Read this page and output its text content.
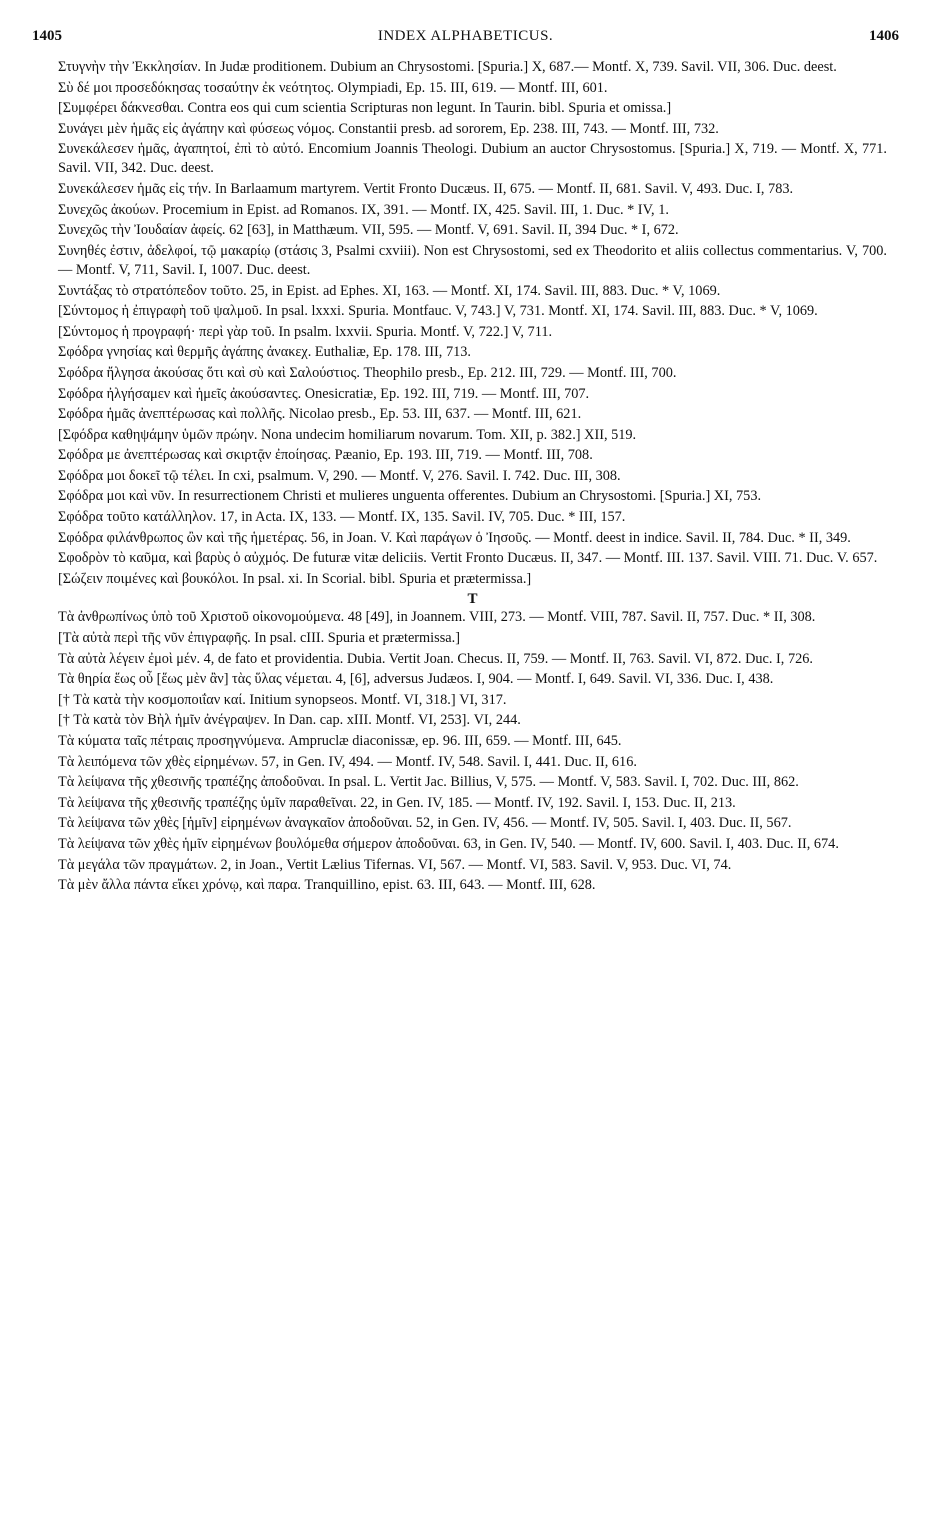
1405	INDEX ALPHABETICUS.	1406

Στυγνὴν τὴν Ἐκκλησίαν. In Judæ proditionem. Dubium an Chrysostomi. [Spuria.] X, 687.— Montf. X, 739. Savil. VII, 306. Duc. deest.

Σὺ δέ μοι προσεδόκησας τοσαύτην ἐκ νεότητος. Olympiadi, Ep. 15. III, 619. — Montf. III, 601.

[Συμφέρει δάκνεσθαι. Contra eos qui cum scientia Scripturas non legunt. In Taurin. bibl. Spuria et omissa.]

Συνάγει μὲν ἡμᾶς εἰς ἀγάπην καὶ φύσεως νόμος. Constantii presb. ad sororem, Ep. 238. III, 743. — Montf. III, 732.

Συνεκάλεσεν ἡμᾶς, ἀγαπητοί, ἐπὶ τὸ αὐτό. Encomium Joannis Theologi. Dubium an auctor Chrysostomus. [Spuria.] X, 719. — Montf. X, 771. Savil. VII, 342. Duc. deest.

Συνεκάλεσεν ἡμᾶς εἰς τήν. In Barlaamum martyrem. Vertit Fronto Ducæus. II, 675. — Montf. II, 681. Savil. V, 493. Duc. I, 783.

Συνεχῶς ἀκούων. Procemium in Epist. ad Romanos. IX, 391. — Montf. IX, 425. Savil. III, 1. Duc. * IV, 1.

Συνεχῶς τὴν Ἰουδαίαν ἀφείς. 62 [63], in Matthæum. VII, 595. — Montf. V, 691. Savil. II, 394 Duc. * I, 672.

Συνηθές ἐστιν, ἀδελφοί, τῷ μακαρίῳ (στάσις 3, Psalmi cxviii). Non est Chrysostomi, sed ex Theodorito et aliis collectus commentarius. V, 700. — Montf. V, 711, Savil. I, 1007. Duc. deest.

Συντάξας τὸ στρατόπεδον τοῦτο. 25, in Epist. ad Ephes. XI, 163. — Montf. XI, 174. Savil. III, 883. Duc. * V, 1069.

[Σύντομος ἡ ἐπιγραφὴ τοῦ ψαλμοῦ. In psal. lxxxi. Spuria. Montfauc. V, 743.] V, 731. Montf. XI, 174. Savil. III, 883. Duc. * V, 1069.

[Σύντομος ἡ προγραφή· περὶ γὰρ τοῦ. In psalm. lxxvii. Spuria. Montf. V, 722.] V, 711.

Σφόδρα γνησίας καὶ θερμῆς ἀγάπης ἀνακεχ. Euthaliæ, Ep. 178. III, 713.

Σφόδρα ἤλγησα ἀκούσας ὅτι καὶ σὺ καὶ Σαλούστιος. Theophilo presb., Ep. 212. III, 729. — Montf. III, 700.

Σφόδρα ἠλγήσαμεν καὶ ἡμεῖς ἀκούσαντες. Onesicratiæ, Ep. 192. III, 719. — Montf. III, 707.

Σφόδρα ἡμᾶς ἀνεπτέρωσας καὶ πολλῆς. Nicolao presb., Ep. 53. III, 637. — Montf. III, 621.

[Σφόδρα καθηψάμην ὑμῶν πρώην. Nona undecim homiliarum novarum. Tom. XII, p. 382.] XII, 519.

Σφόδρα με ἀνεπτέρωσας καὶ σκιρτᾷν ἐποίησας. Pæanio, Ep. 193. III, 719. — Montf. III, 708.

Σφόδρα μοι δοκεῖ τῷ τέλει. In cxi, psalmum. V, 290. — Montf. V, 276. Savil. I. 742. Duc. III, 308.

Σφόδρα μοι καὶ νῦν. In resurrectionem Christi et mulieres unguenta offerentes. Dubium an Chrysostomi. [Spuria.] XI, 753.

Σφόδρα τοῦτο κατάλληλον. 17, in Acta. IX, 133. — Montf. IX, 135. Savil. IV, 705. Duc. * III, 157.

Σφόδρα φιλάνθρωπος ὢν καὶ τῆς ἡμετέρας. 56, in Joan. V. Καὶ παράγων ὁ Ἰησοῦς. — Montf. deest in indice. Savil. II, 784. Duc. * II, 349.

Σφοδρὸν τὸ καῦμα, καὶ βαρὺς ὁ αὐχμός. De futuræ vitæ deliciis. Vertit Fronto Ducæus. II, 347. — Montf. III. 137. Savil. VIII. 71. Duc. V. 657.

[Σώζειν ποιμένες καὶ βουκόλοι. In psal. xi. In Scorial. bibl. Spuria et prætermissa.]

T

Τὰ ἀνθρωπίνως ὑπὸ τοῦ Χριστοῦ οἰκονομούμενα. 48 [49], in Joannem. VIII, 273. — Montf. VIII, 787. Savil. II, 757. Duc. * II, 308.

[Τὰ αὐτὰ περὶ τῆς νῦν ἐπιγραφῆς. In psal. cIII. Spuria et prætermissa.]

Τὰ αὐτὰ λέγειν ἐμοὶ μέν. 4, de fato et providentia. Dubia. Vertit Joan. Checus. II, 759. — Montf. II, 763. Savil. VI, 872. Duc. I, 726.

Τὰ θηρία ἕως οὗ [ἕως μὲν ἂν] τὰς ὕλας νέμεται. 4, [6], adversus Judæos. I, 904. — Montf. I, 649. Savil. VI, 336. Duc. I, 438.

[† Τὰ κατὰ τὴν κοσμοποιΐαν καί. Initium synopseos. Montf. VI, 318.] VI, 317.

[† Τὰ κατὰ τὸν Βὴλ ἡμῖν ἀνέγραψεν. In Dan. cap. xIII. Montf. VI, 253]. VI, 244.

Τὰ κύματα ταῖς πέτραις προσηγνύμενα. Ampruclæ diaconissæ, ep. 96. III, 659. — Montf. III, 645.

Τὰ λειπόμενα τῶν χθὲς εἰρημένων. 57, in Gen. IV, 494. — Montf. IV, 548. Savil. I, 441. Duc. II, 616.

Τὰ λείψανα τῆς χθεσινῆς τραπέζης ἀποδοῦναι. In psal. L. Vertit Jac. Billius, V, 575. — Montf. V, 583. Savil. I, 702. Duc. III, 862.

Τὰ λείψανα τῆς χθεσινῆς τραπέζης ὑμῖν παραθεῖναι. 22, in Gen. IV, 185. — Montf. IV, 192. Savil. I, 153. Duc. II, 213.

Τὰ λείψανα τῶν χθὲς [ἡμῖν] εἰρημένων ἀναγκαῖον ἀποδοῦναι. 52, in Gen. IV, 456. — Montf. IV, 505. Savil. I, 403. Duc. II, 567.

Τὰ λείψανα τῶν χθὲς ἡμῖν εἰρημένων βουλόμεθα σήμερον ἀποδοῦναι. 63, in Gen. IV, 540. — Montf. IV, 600. Savil. I, 403. Duc. II, 674.

Τὰ μεγάλα τῶν πραγμάτων. 2, in Joan., Vertit Lælius Tifernas. VI, 567. — Montf. VI, 583. Savil. V, 953. Duc. VI, 74.

Τὰ μὲν ἄλλα πάντα εἴκει χρόνῳ, καὶ παρα. Tranquillino, epist. 63. III, 643. — Montf. III, 628.
